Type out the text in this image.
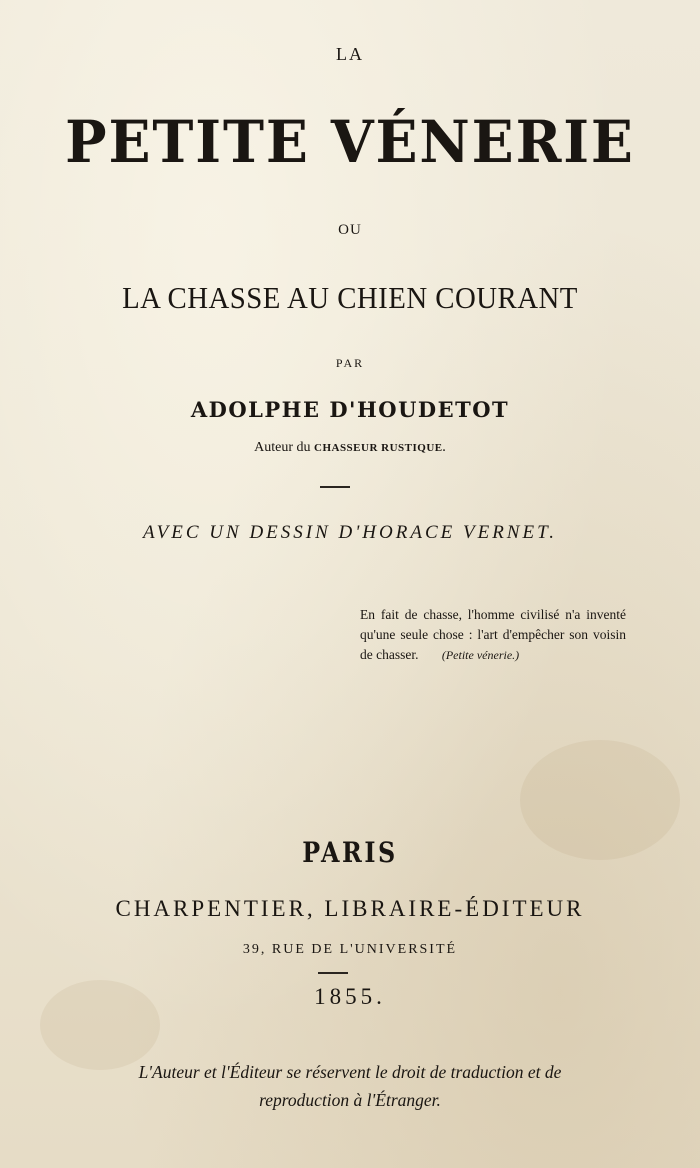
LA
PETITE VÉNERIE
OU
LA CHASSE AU CHIEN COURANT
PAR
ADOLPHE D'HOUDETOT
Auteur du CHASSEUR RUSTIQUE.
AVEC UN DESSIN D'HORACE VERNET.
En fait de chasse, l'homme civilisé n'a inventé qu'une seule chose : l'art d'empêcher son voisin de chasser. (Petite vénerie.)
PARIS
CHARPENTIER, LIBRAIRE-ÉDITEUR
39, RUE DE L'UNIVERSITÉ
1855.
L'Auteur et l'Éditeur se réservent le droit de traduction et de
reproduction à l'Étranger.
